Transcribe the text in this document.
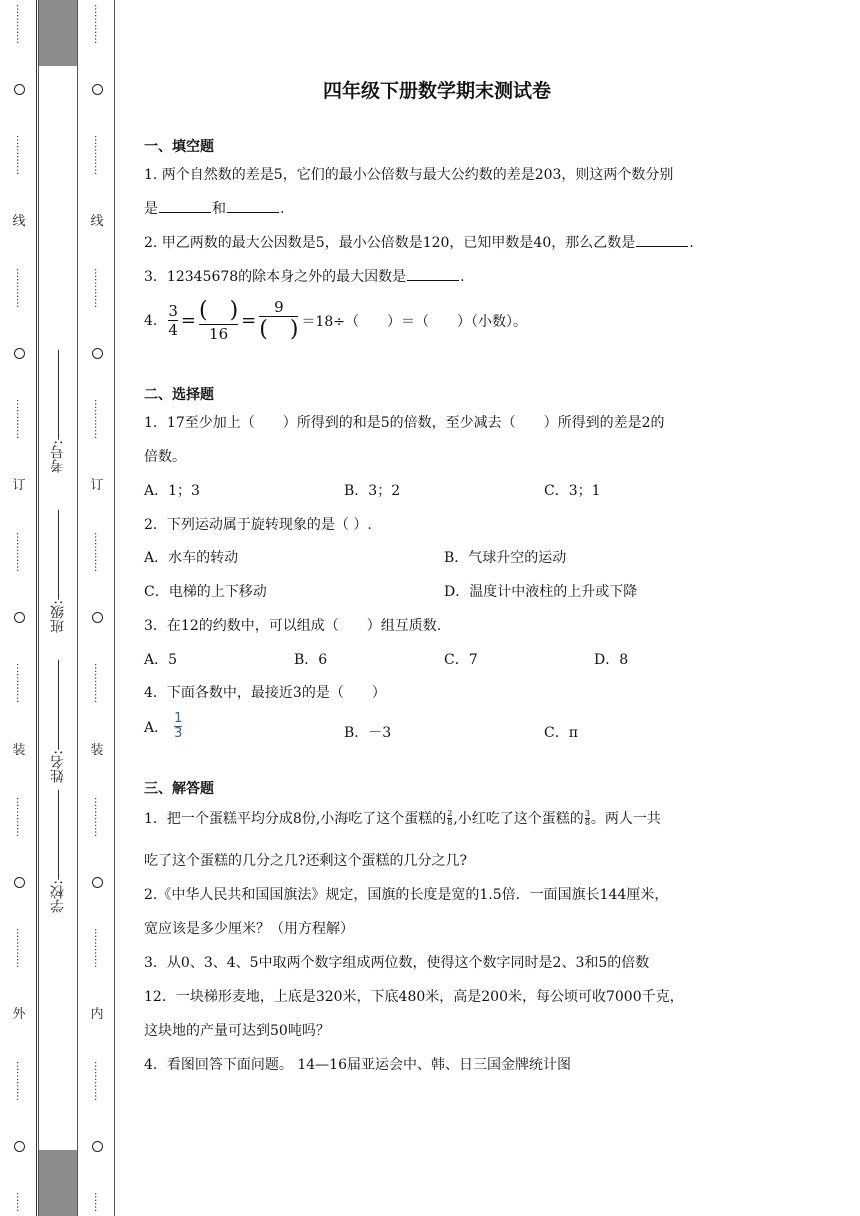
…………
…………
线
…………
…………
订
…………
…………
装
…………
…………
外
…………
……
学校:
姓名:
班级:
考号:
…………
…………
线
…………
…………
订
…………
…………
装
…………
…………
内
…………
……
四年级下册数学期末测试卷
一、填空题
1. 两个自然数的差是5，它们的最小公倍数与最大公约数的差是203，则这两个数分别
是	和	.
2. 甲乙两数的最大公因数是5，最小公倍数是120，已知甲数是40，那么乙数是	.
3．12345678的除本身之外的最大因数是	.
4. $\frac{3}{4} = \frac{( )}{16} = \frac{9}{( )} =18\div$（　　）＝（　　）（小数）。
二、选择题
1．17至少加上（　　）所得到的和是5的倍数，至少减去（　　）所得到的差是2的
倍数。
A．1；3	B．3；2	C．3；1
2．下列运动属于旋转现象的是（ ）.
A．水车的转动	B．气球升空的运动
C．电梯的上下移动	D．温度计中液柱的上升或下降
3．在12的约数中，可以组成（　　）组互质数.
A．5	B．6	C．7	D．8
4．下面各数中，最接近3的是（　　）
A． $\frac{1}{3}$	B．－3	C．π
三、解答题
1．把一个蛋糕平均分成8份,小海吃了这个蛋糕的 $\frac{2}{8}$ ,小红吃了这个蛋糕的 $\frac{3}{8}$ 。两人一共
吃了这个蛋糕的几分之几?还剩这个蛋糕的几分之几?
2.《中华人民共和国国旗法》规定，国旗的长度是宽的1.5倍．一面国旗长144厘米，
宽应该是多少厘米？（用方程解）
3．从0、3、4、5中取两个数字组成两位数，使得这个数字同时是2、3和5的倍数
12．一块梯形麦地，上底是320米，下底480米，高是200米，每公顷可收7000千克，
这块地的产量可达到50吨吗？
4．看图回答下面问题。 14—16届亚运会中、韩、日三国金牌统计图
